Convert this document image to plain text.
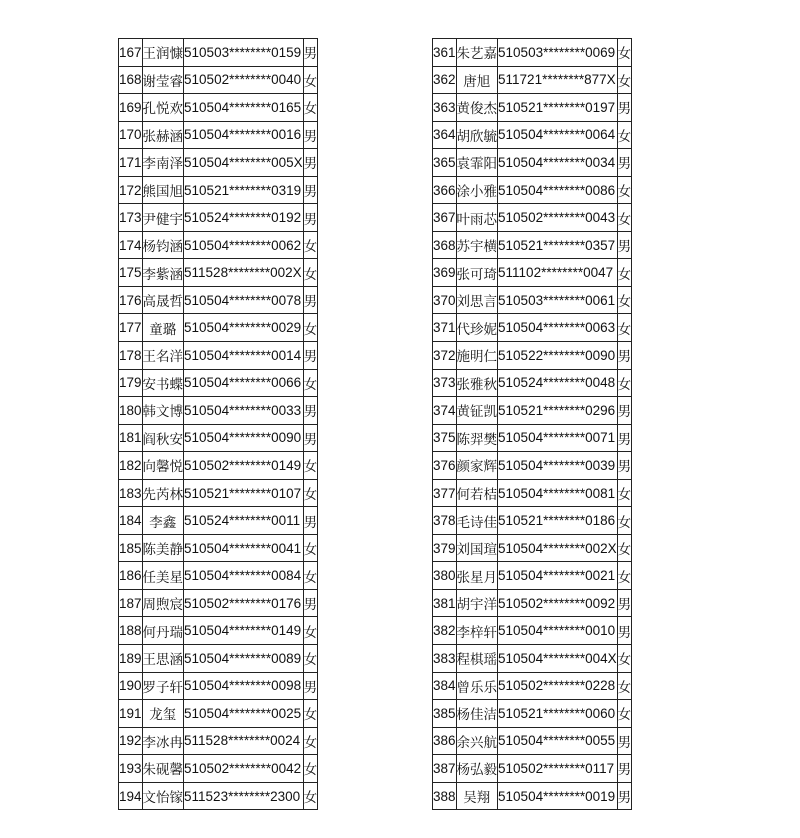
167	王润慷	510503********0159	男
168	谢莹睿	510502********0040	女
169	孔悦欢	510504********0165	女
170	张赫涵	510504********0016	男
171	李南泽	510504********005X	男
172	熊国旭	510521********0319	男
173	尹健宇	510524********0192	男
174	杨钧涵	510504********0062	女
175	李紫涵	511528********002X	女
176	高晟哲	510504********0078	男
177	童璐	510504********0029	女
178	王名洋	510504********0014	男
179	安书蝶	510504********0066	女
180	韩文博	510504********0033	男
181	阎秋安	510504********0090	男
182	向馨悦	510502********0149	女
183	先芮林	510521********0107	女
184	李鑫	510524********0011	男
185	陈美静	510504********0041	女
186	任美星	510504********0084	女
187	周煦宸	510502********0176	男
188	何丹瑞	510504********0149	女
189	王思涵	510504********0089	女
190	罗子轩	510504********0098	男
191	龙玺	510504********0025	女
192	李冰冉	511528********0024	女
193	朱砚馨	510502********0042	女
194	文怡镓	511523********2300	女
361	朱艺嘉	510503********0069	女
362	唐旭	511721********877X	女
363	黄俊杰	510521********0197	男
364	胡欣毓	510504********0064	女
365	袁霏阳	510504********0034	男
366	涂小雅	510504********0086	女
367	叶雨芯	510502********0043	女
368	苏宇横	510521********0357	男
369	张可琦	511102********0047	女
370	刘思言	510503********0061	女
371	代珍妮	510504********0063	女
372	施明仁	510522********0090	男
373	张雅秋	510524********0048	女
374	黄钲凯	510521********0296	男
375	陈羿樊	510504********0071	男
376	颜家辉	510504********0039	男
377	何若桔	510504********0081	女
378	毛诗佳	510521********0186	女
379	刘国瑄	510504********002X	女
380	张星月	510504********0021	女
381	胡宇洋	510502********0092	男
382	李梓轩	510504********0010	男
383	程棋瑶	510504********004X	女
384	曾乐乐	510502********0228	女
385	杨佳洁	510521********0060	女
386	余兴航	510504********0055	男
387	杨弘毅	510502********0117	男
388	吴翔	510504********0019	男
